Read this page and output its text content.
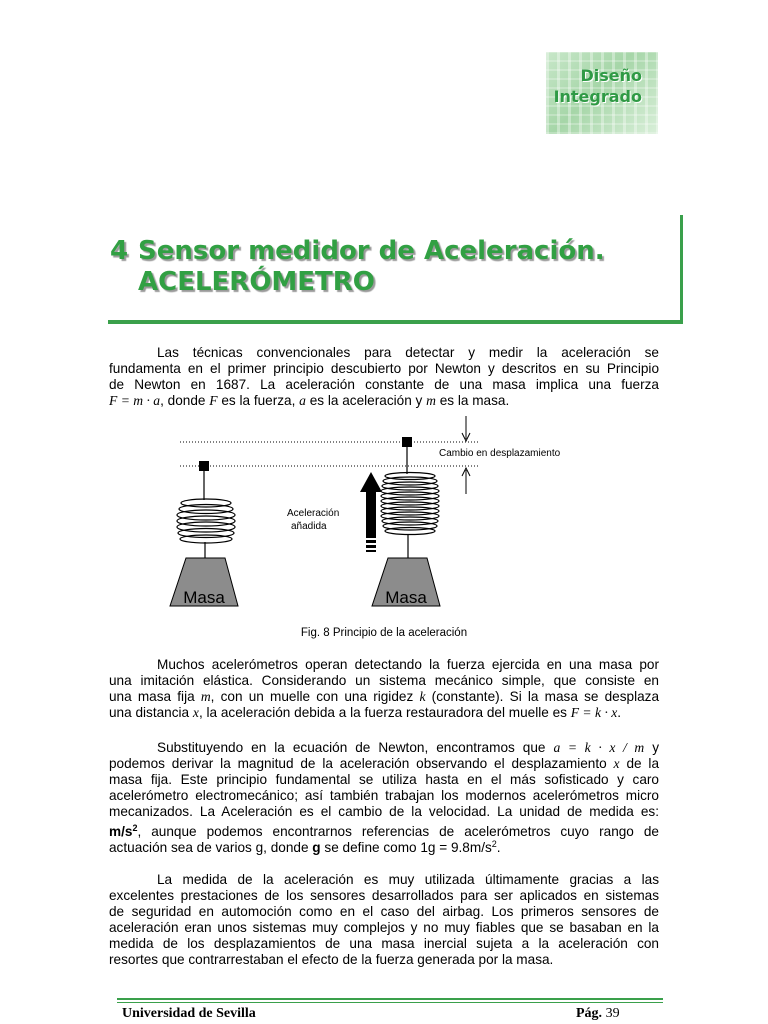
Diseño
Integrado
4 Sensor medidor de Aceleración.
ACELERÓMETRO
Las técnicas convencionales para detectar y medir la aceleración se
fundamenta en el primer principio descubierto por Newton y descritos en su Principio
de Newton en 1687. La aceleración constante de una masa implica una fuerza
F = m · a, donde F es la fuerza, a es la aceleración y m es la masa.
Cambio en desplazamiento
Masa
Aceleración
añadida
Masa
Fig. 8 Principio de la aceleración
Muchos acelerómetros operan detectando la fuerza ejercida en una masa por
una imitación elástica. Considerando un sistema mecánico simple, que consiste en
una masa fija m, con un muelle con una rigidez k (constante). Si la masa se desplaza
una distancia x, la aceleración debida a la fuerza restauradora del muelle es F = k · x.
Substituyendo en la ecuación de Newton, encontramos que a = k · x / m y
podemos derivar la magnitud de la aceleración observando el desplazamiento x de la
masa fija. Este principio fundamental se utiliza hasta en el más sofisticado y caro
acelerómetro electromecánico; así también trabajan los modernos acelerómetros micro
mecanizados. La Aceleración es el cambio de la velocidad. La unidad de medida es:
$m/s^2$, aunque podemos encontrarnos referencias de acelerómetros cuyo rango de
actuación sea de varios g, donde g se define como $1g = 9.8m/s^2$.
La medida de la aceleración es muy utilizada últimamente gracias a las
excelentes prestaciones de los sensores desarrollados para ser aplicados en sistemas
de seguridad en automoción como en el caso del airbag. Los primeros sensores de
aceleración eran unos sistemas muy complejos y no muy fiables que se basaban en la
medida de los desplazamientos de una masa inercial sujeta a la aceleración con
resortes que contrarrestaban el efecto de la fuerza generada por la masa.
Universidad de Sevilla	Pág. 39
